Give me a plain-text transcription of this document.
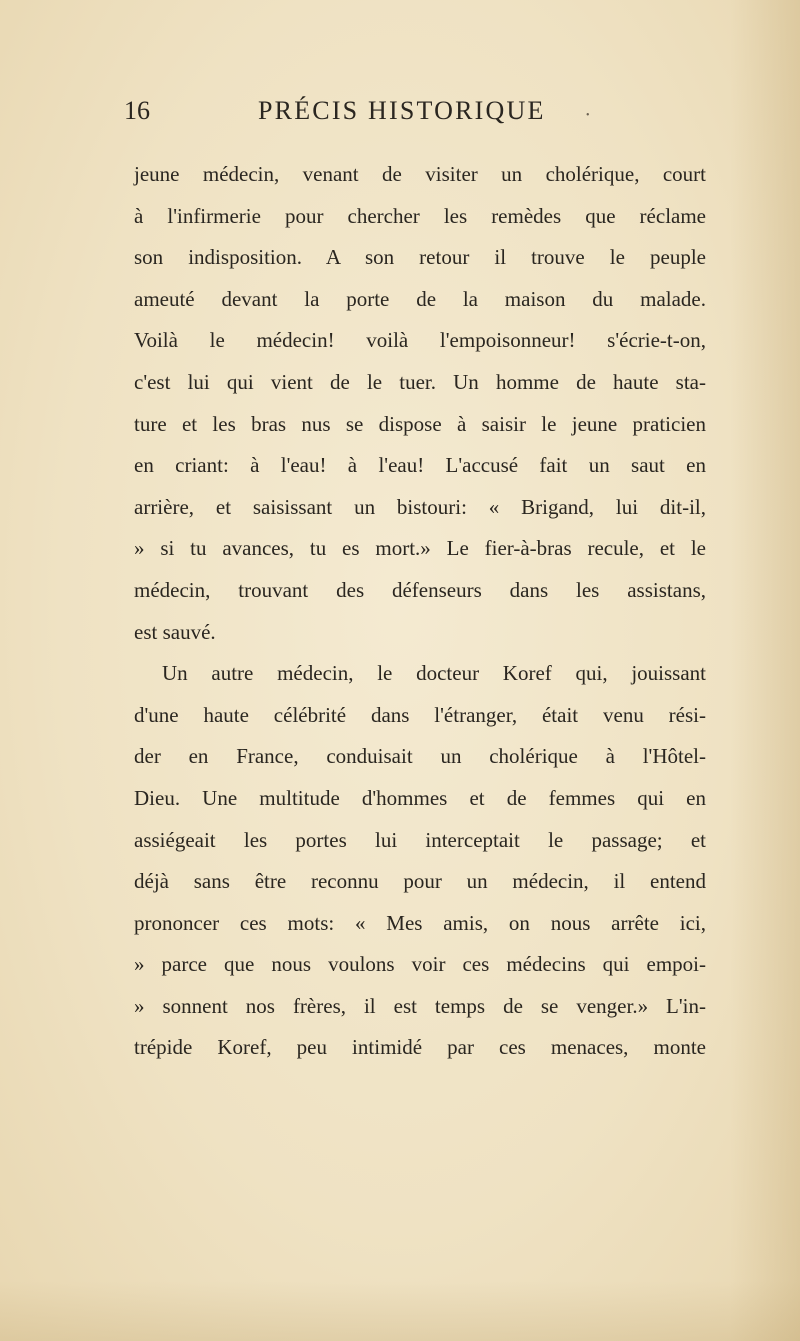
16	PRÉCIS HISTORIQUE	•
jeune médecin, venant de visiter un cholérique, court
à l'infirmerie pour chercher les remèdes que réclame
son indisposition. A son retour il trouve le peuple
ameuté devant la porte de la maison du malade.
Voilà le médecin! voilà l'empoisonneur! s'écrie-t-on,
c'est lui qui vient de le tuer. Un homme de haute sta-
ture et les bras nus se dispose à saisir le jeune praticien
en criant: à l'eau! à l'eau! L'accusé fait un saut en
arrière, et saisissant un bistouri: « Brigand, lui dit-il,
» si tu avances, tu es mort.» Le fier-à-bras recule, et le
médecin, trouvant des défenseurs dans les assistans,
est sauvé.
Un autre médecin, le docteur Koref qui, jouissant
d'une haute célébrité dans l'étranger, était venu rési-
der en France, conduisait un cholérique à l'Hôtel-
Dieu. Une multitude d'hommes et de femmes qui en
assiégeait les portes lui interceptait le passage; et
déjà sans être reconnu pour un médecin, il entend
prononcer ces mots: « Mes amis, on nous arrête ici,
» parce que nous voulons voir ces médecins qui empoi-
» sonnent nos frères, il est temps de se venger.» L'in-
trépide Koref, peu intimidé par ces menaces, monte
